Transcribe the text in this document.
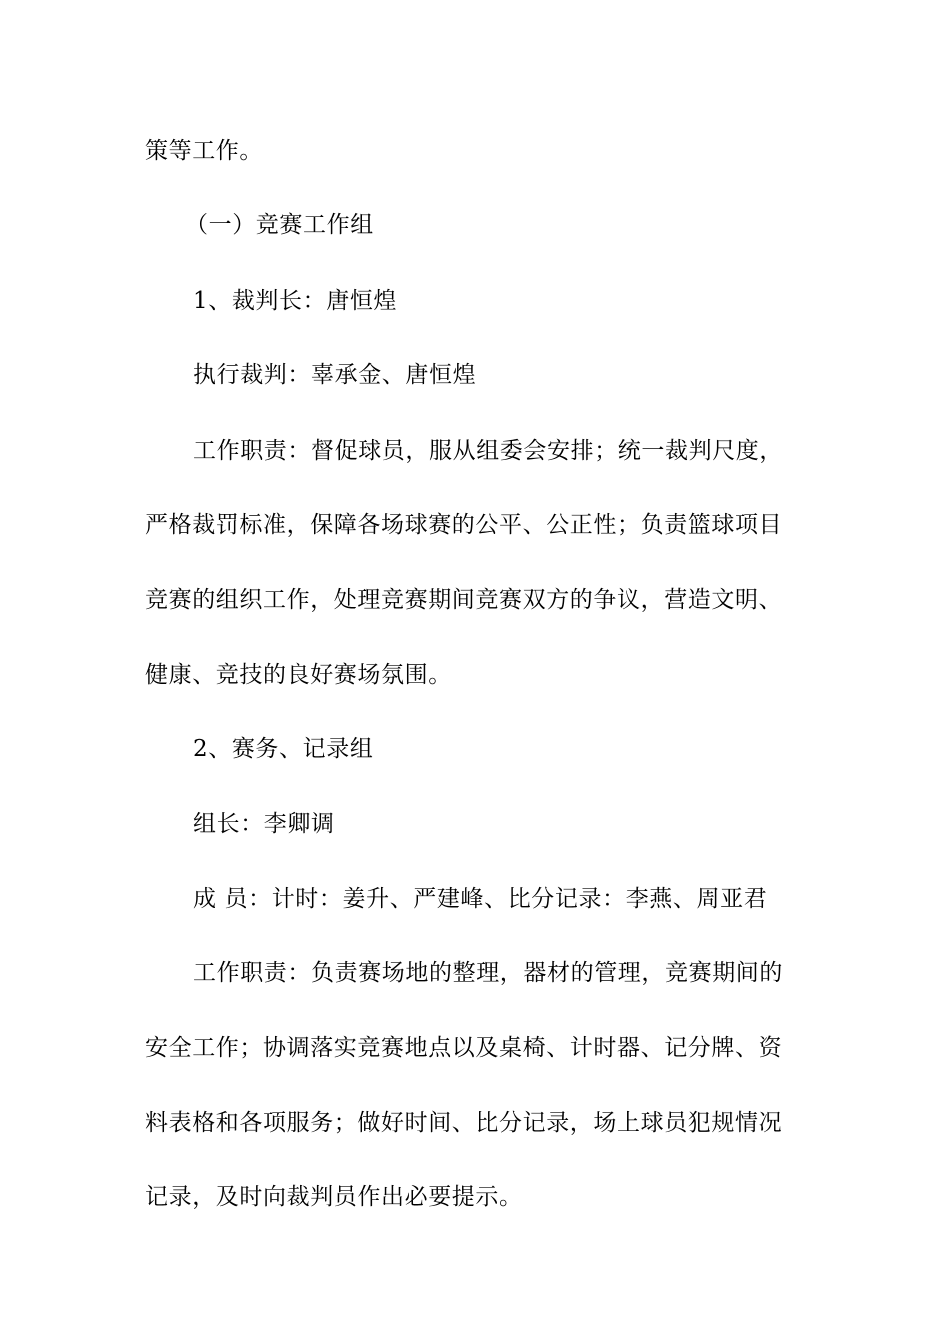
策等工作。
（一）竞赛工作组
1、裁判长：唐恒煌
执行裁判：辜承金、唐恒煌
工作职责：督促球员，服从组委会安排；统一裁判尺度，
严格裁罚标准，保障各场球赛的公平、公正性；负责篮球项目
竞赛的组织工作，处理竞赛期间竞赛双方的争议，营造文明、
健康、竞技的良好赛场氛围。
2、赛务、记录组
组长：李卿调
成 员：计时：姜升、严建峰、比分记录：李燕、周亚君
工作职责：负责赛场地的整理，器材的管理，竞赛期间的
安全工作；协调落实竞赛地点以及桌椅、计时器、记分牌、资
料表格和各项服务；做好时间、比分记录，场上球员犯规情况
记录，及时向裁判员作出必要提示。
